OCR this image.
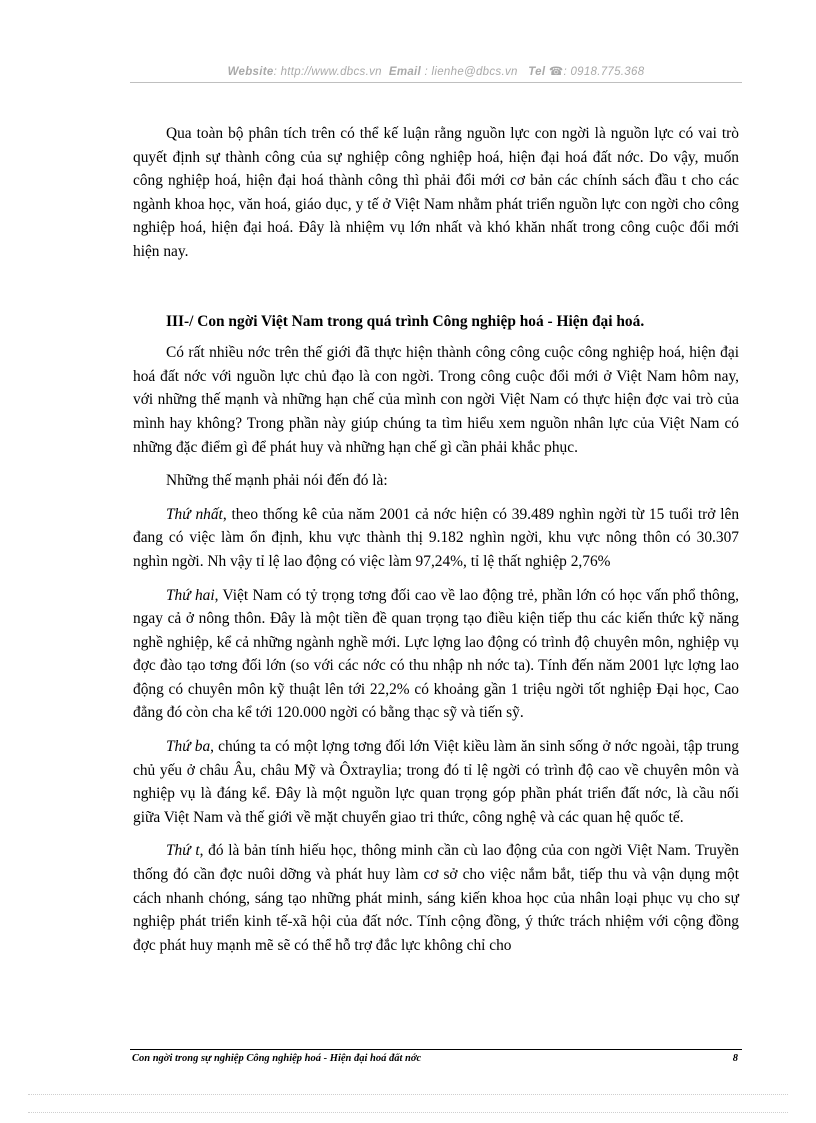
Website: http://www.dbcs.vn Email : lienhe@dbcs.vn Tel ☎: 0918.775.368

Qua toàn bộ phân tích trên có thể kế luận rằng nguồn lực con ngời là nguồn lực có vai trò quyết định sự thành công của sự nghiệp công nghiệp hoá, hiện đại hoá đất nớc. Do vậy, muốn công nghiệp hoá, hiện đại hoá thành công thì phải đổi mới cơ bản các chính sách đầu t cho các ngành khoa học, văn hoá, giáo dục, y tế ở Việt Nam nhằm phát triển nguồn lực con ngời cho công nghiệp hoá, hiện đại hoá. Đây là nhiệm vụ lớn nhất và khó khăn nhất trong công cuộc đổi mới hiện nay.

III-/ Con ngời Việt Nam trong quá trình Công nghiệp hoá - Hiện đại hoá.

Có rất nhiều nớc trên thế giới đã thực hiện thành công công cuộc công nghiệp hoá, hiện đại hoá đất nớc với nguồn lực chủ đạo là con ngời. Trong công cuộc đổi mới ở Việt Nam hôm nay, với những thế mạnh và những hạn chế của mình con ngời Việt Nam có thực hiện đợc vai trò của mình hay không? Trong phần này giúp chúng ta tìm hiểu xem nguồn nhân lực của Việt Nam có những đặc điểm gì để phát huy và những hạn chế gì cần phải khắc phục.

Những thế mạnh phải nói đến đó là:

Thứ nhất, theo thống kê của năm 2001 cả nớc hiện có 39.489 nghìn ngời từ 15 tuổi trở lên đang có việc làm ổn định, khu vực thành thị 9.182 nghìn ngời, khu vực nông thôn có 30.307 nghìn ngời. Nh vậy tỉ lệ lao động có việc làm 97,24%, tỉ lệ thất nghiệp 2,76%

Thứ hai, Việt Nam có tỷ trọng tơng đối cao về lao động trẻ, phần lớn có học vấn phổ thông, ngay cả ở nông thôn. Đây là một tiền đề quan trọng tạo điều kiện tiếp thu các kiến thức kỹ năng nghề nghiệp, kể cả những ngành nghề mới. Lực lợng lao động có trình độ chuyên môn, nghiệp vụ đợc đào tạo tơng đối lớn (so với các nớc có thu nhập nh nớc ta). Tính đến năm 2001 lực lợng lao động có chuyên môn kỹ thuật lên tới 22,2% có khoảng gần 1 triệu ngời tốt nghiệp Đại học, Cao đẳng đó còn cha kể tới 120.000 ngời có bằng thạc sỹ và tiến sỹ.

Thứ ba, chúng ta có một lợng tơng đối lớn Việt kiều làm ăn sinh sống ở nớc ngoài, tập trung chủ yếu ở châu Âu, châu Mỹ và Ôxtraylia; trong đó tỉ lệ ngời có trình độ cao về chuyên môn và nghiệp vụ là đáng kể. Đây là một nguồn lực quan trọng góp phần phát triển đất nớc, là cầu nối giữa Việt Nam và thế giới về mặt chuyển giao tri thức, công nghệ và các quan hệ quốc tế.

Thứ t, đó là bản tính hiếu học, thông minh cần cù lao động của con ngời Việt Nam. Truyền thống đó cần đợc nuôi dỡng và phát huy làm cơ sở cho việc nắm bắt, tiếp thu và vận dụng một cách nhanh chóng, sáng tạo những phát minh, sáng kiến khoa học của nhân loại phục vụ cho sự nghiệp phát triển kinh tế-xã hội của đất nớc. Tính cộng đồng, ý thức trách nhiệm với cộng đồng đợc phát huy mạnh mẽ sẽ có thể hỗ trợ đắc lực không chỉ cho

Con ngời trong sự nghiệp Công nghiệp hoá - Hiện đại hoá đất nớc	8
